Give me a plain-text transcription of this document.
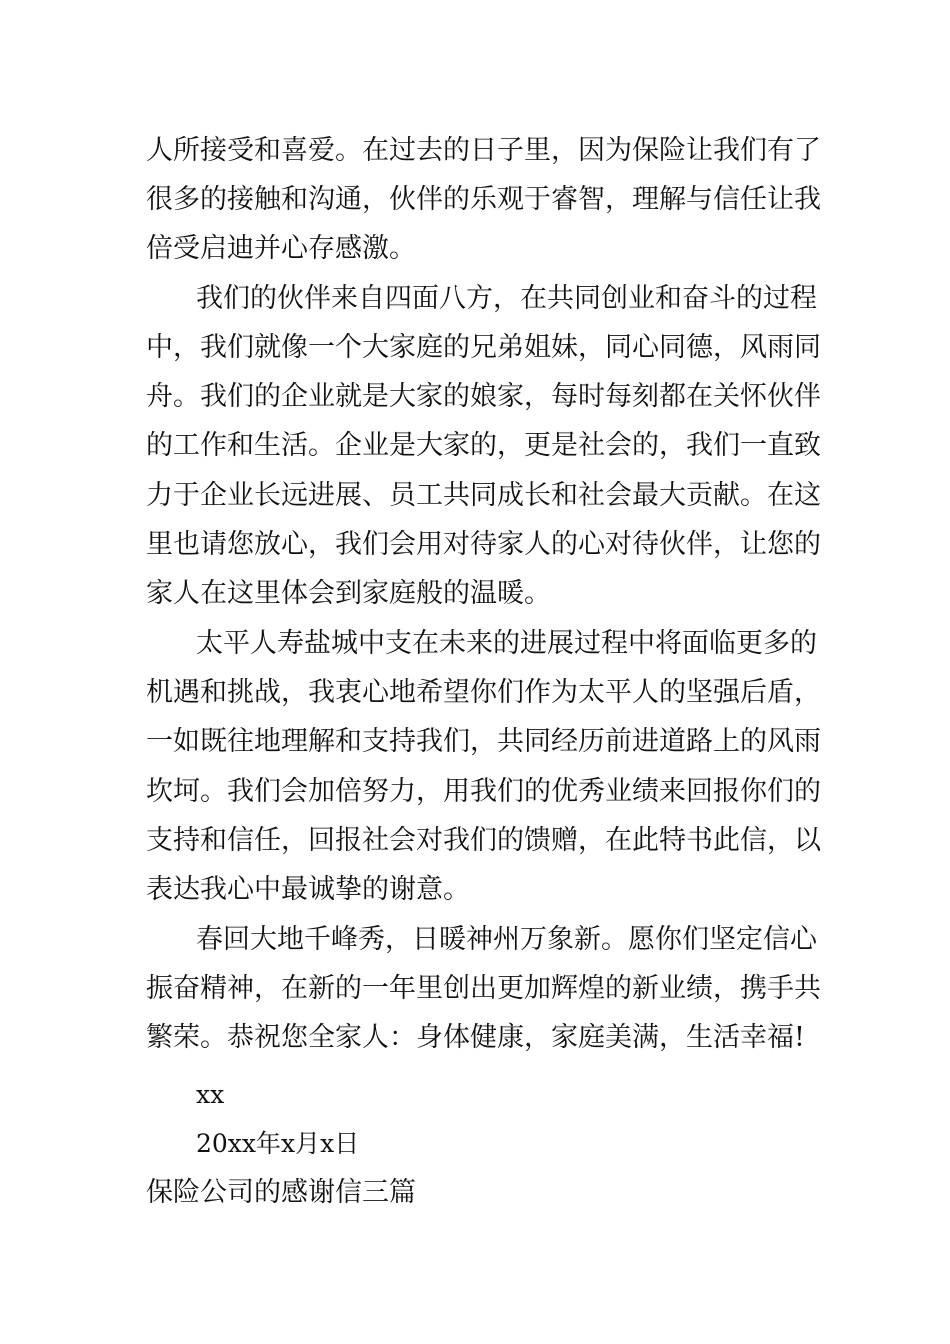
人所接受和喜爱。在过去的日子里，因为保险让我们有了
很多的接触和沟通，伙伴的乐观于睿智，理解与信任让我
倍受启迪并心存感激。
我们的伙伴来自四面八方，在共同创业和奋斗的过程
中，我们就像一个大家庭的兄弟姐妹，同心同德，风雨同
舟。我们的企业就是大家的娘家，每时每刻都在关怀伙伴
的工作和生活。企业是大家的，更是社会的，我们一直致
力于企业长远进展、员工共同成长和社会最大贡献。在这
里也请您放心，我们会用对待家人的心对待伙伴，让您的
家人在这里体会到家庭般的温暖。
太平人寿盐城中支在未来的进展过程中将面临更多的
机遇和挑战，我衷心地希望你们作为太平人的坚强后盾，
一如既往地理解和支持我们，共同经历前进道路上的风雨
坎坷。我们会加倍努力，用我们的优秀业绩来回报你们的
支持和信任，回报社会对我们的馈赠，在此特书此信，以
表达我心中最诚挚的谢意。
春回大地千峰秀，日暖神州万象新。愿你们坚定信心
振奋精神，在新的一年里创出更加辉煌的新业绩，携手共
繁荣。恭祝您全家人：身体健康，家庭美满，生活幸福!
xx
20xx年x月x日
保险公司的感谢信三篇
